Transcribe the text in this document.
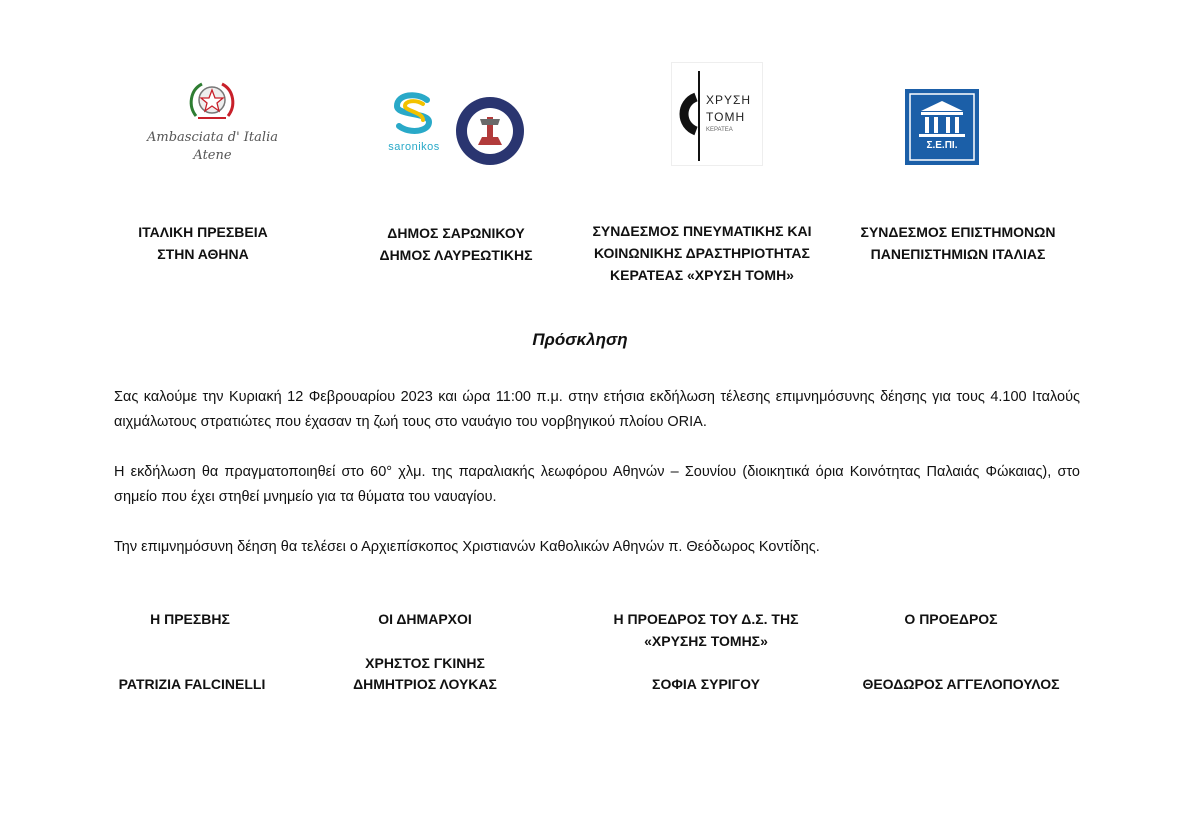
Ambasciata d' Italia
Atene
saronikos
ΧΡΥΣΗ
ΤΟΜΗ
ΚΕΡΑΤΕΑ
Σ.Ε.ΠΙ.
ΙΤΑΛΙΚΗ ΠΡΕΣΒΕΙΑ
ΣΤΗΝ ΑΘΗΝΑ
ΔΗΜΟΣ ΣΑΡΩΝΙΚΟΥ
ΔΗΜΟΣ ΛΑΥΡΕΩΤΙΚΗΣ
ΣΥΝΔΕΣΜΟΣ ΠΝΕΥΜΑΤΙΚΗΣ ΚΑΙ
ΚΟΙΝΩΝΙΚΗΣ ΔΡΑΣΤΗΡΙΟΤΗΤΑΣ
ΚΕΡΑΤΕΑΣ «ΧΡΥΣΗ ΤΟΜΗ»
ΣΥΝΔΕΣΜΟΣ ΕΠΙΣΤΗΜΟΝΩΝ
ΠΑΝΕΠΙΣΤΗΜΙΩΝ ΙΤΑΛΙΑΣ
Πρόσκληση
Σας καλούμε την Κυριακή 12 Φεβρουαρίου 2023 και ώρα 11:00 π.μ. στην ετήσια εκδήλωση τέλεσης επιμνημόσυνης δέησης για τους 4.100 Ιταλούς αιχμάλωτους στρατιώτες που έχασαν τη ζωή τους στο ναυάγιο του νορβηγικού πλοίου ORIA.
Η εκδήλωση θα πραγματοποιηθεί στο 60° χλμ. της παραλιακής λεωφόρου Αθηνών – Σουνίου (διοικητικά όρια Κοινότητας Παλαιάς Φώκαιας), στο σημείο που έχει στηθεί μνημείο για τα θύματα του ναυαγίου.
Την επιμνημόσυνη δέηση θα τελέσει ο Αρχιεπίσκοπος Χριστιανών Καθολικών Αθηνών π. Θεόδωρος Κοντίδης.
Η ΠΡΕΣΒΗΣ
PATRIZIA FALCINELLI
ΟΙ ΔΗΜΑΡΧΟΙ
ΧΡΗΣΤΟΣ ΓΚΙΝΗΣ
ΔΗΜΗΤΡΙΟΣ ΛΟΥΚΑΣ
Η ΠΡΟΕΔΡΟΣ ΤΟΥ Δ.Σ. ΤΗΣ
«ΧΡΥΣΗΣ ΤΟΜΗΣ»
ΣΟΦΙΑ ΣΥΡΙΓΟΥ
Ο ΠΡΟΕΔΡΟΣ
ΘΕΟΔΩΡΟΣ ΑΓΓΕΛΟΠΟΥΛΟΣ
